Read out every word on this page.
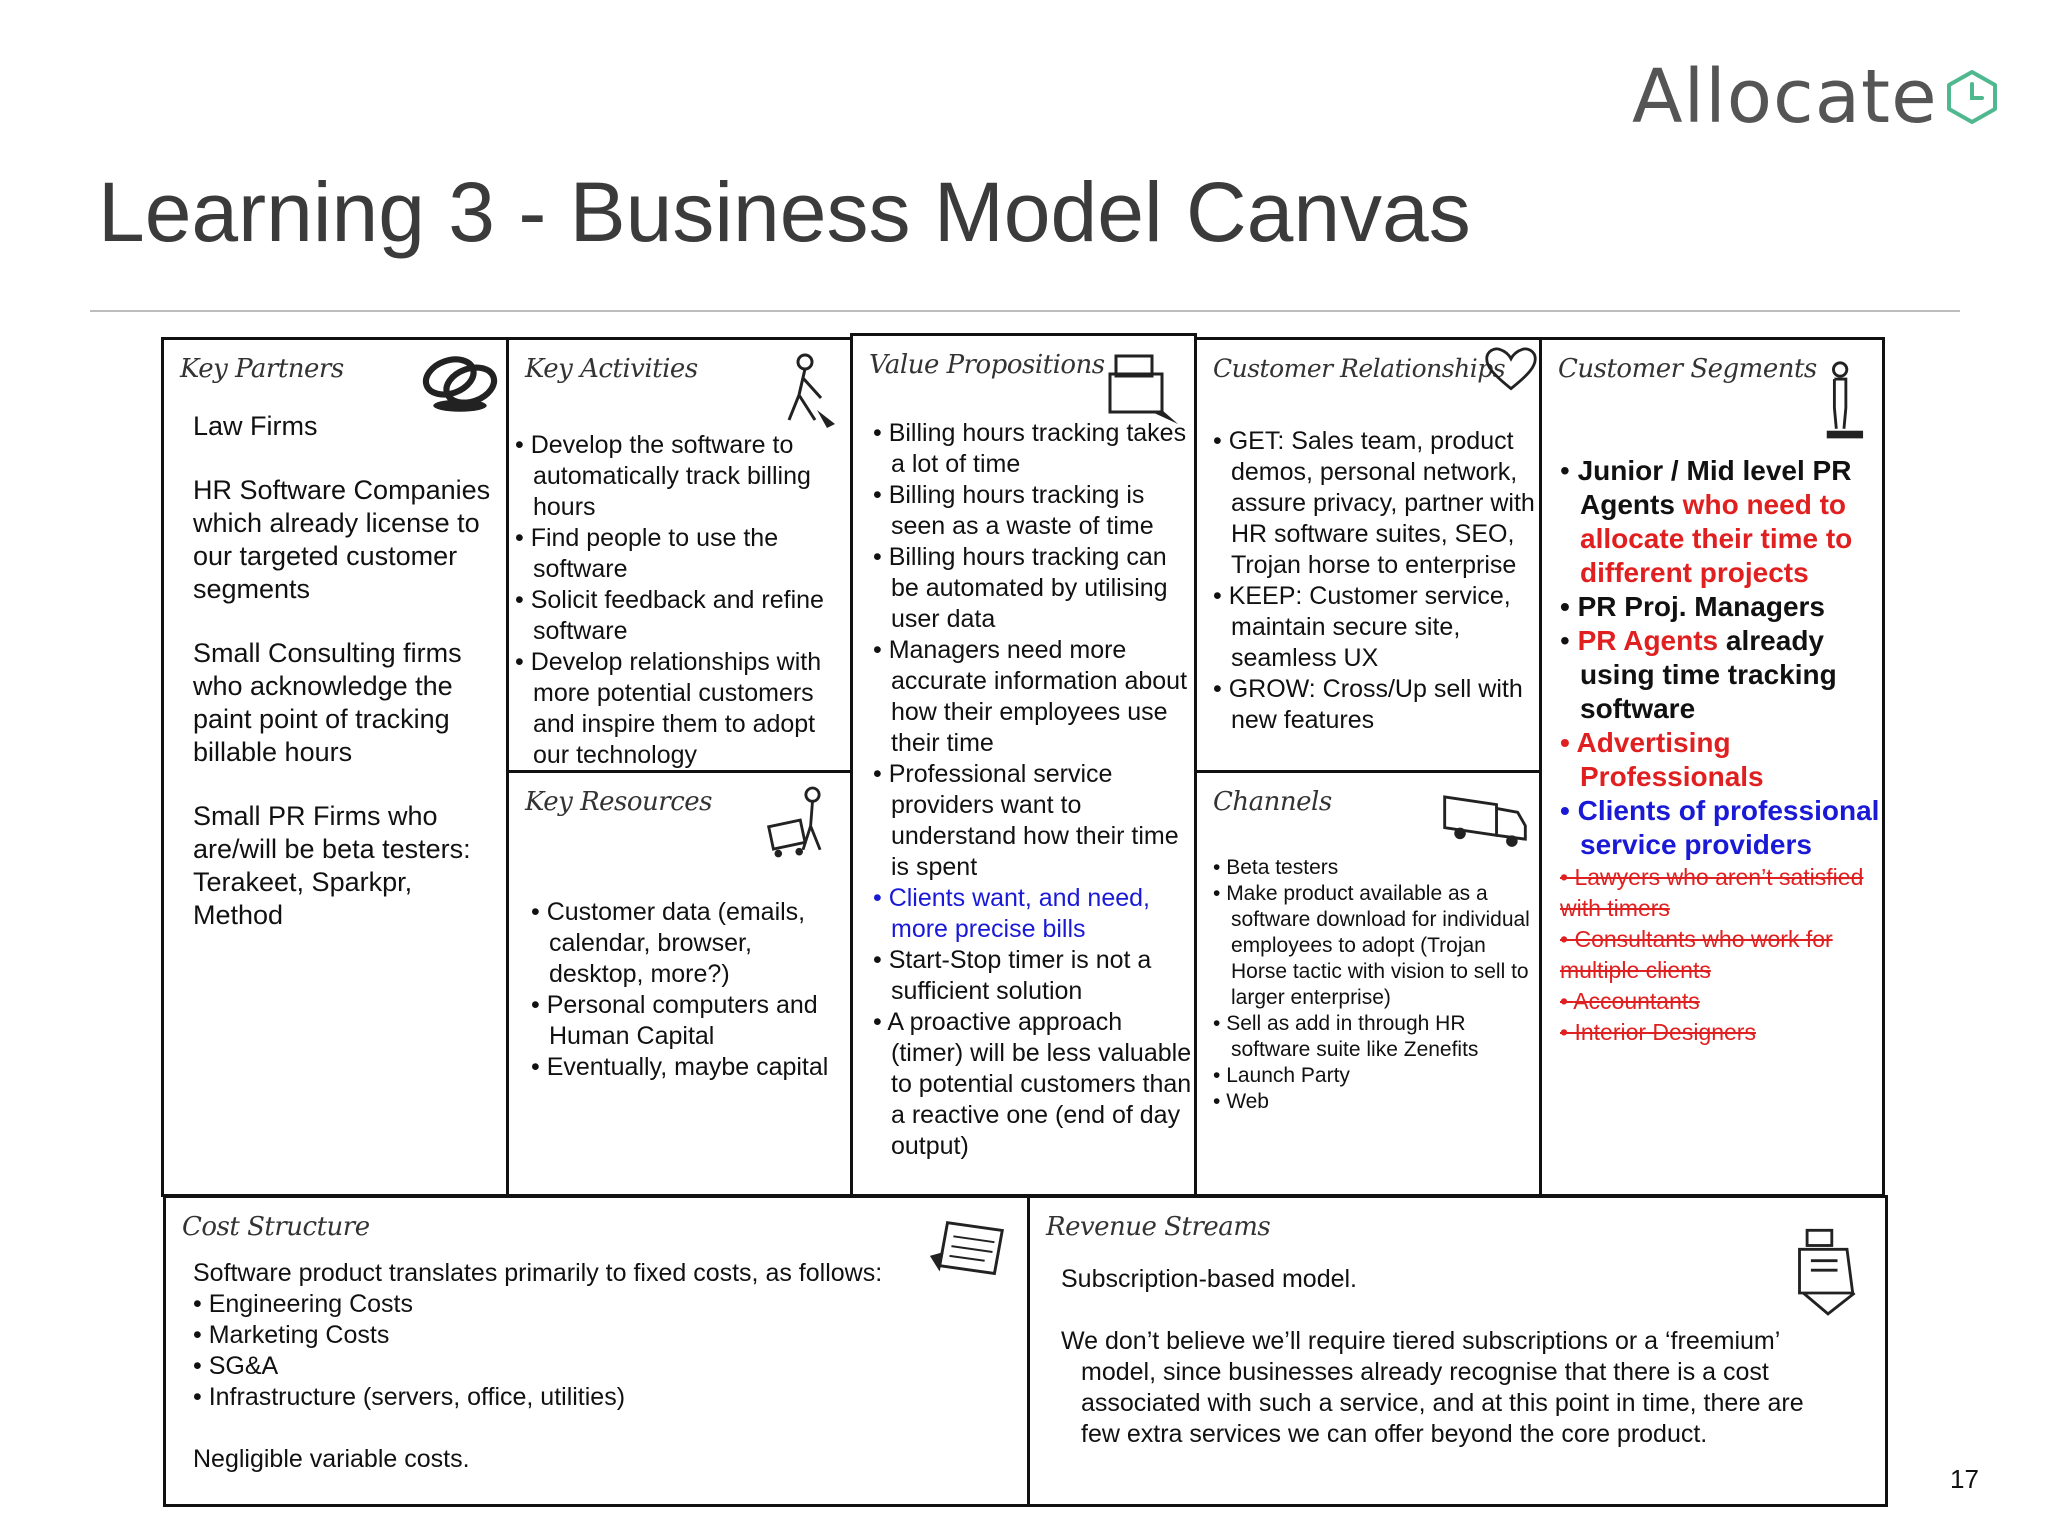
Allocate
Learning 3 - Business Model Canvas
Key Partners

Law Firms

HR Software Companies which already license to our targeted customer segments

Small Consulting firms who acknowledge the paint point of tracking billable hours

Small PR Firms who are/will be beta testers: Terakeet, Sparkpr, Method

Key Activities

• Develop the software to automatically track billing hours

• Find people to use the software

• Solicit feedback and refine software

• Develop relationships with more potential customers and inspire them to adopt our technology

Key Resources

• Customer data (emails, calendar, browser, desktop, more?)

• Personal computers and Human Capital

• Eventually, maybe capital

Value Propositions

• Billing hours tracking takes a lot of time

• Billing hours tracking is seen as a waste of time

• Billing hours tracking can be automated by utilising user data

• Managers need more accurate information about how their employees use their time

• Professional service providers want to understand how their time is spent

• Clients want, and need, more precise bills

• Start-Stop timer is not a sufficient solution

• A proactive approach (timer) will be less valuable to potential customers than a reactive one (end of day output)

Customer Relationships

• GET: Sales team, product demos, personal network, assure privacy, partner with HR software suites, SEO, Trojan horse to enterprise

• KEEP: Customer service, maintain secure site, seamless UX

• GROW: Cross/Up sell with new features

Channels

• Beta testers

• Make product available as a software download for individual employees to adopt (Trojan Horse tactic with vision to sell to larger enterprise)

• Sell as add in through HR software suite like Zenefits

• Launch Party

• Web

Customer Segments

• Junior / Mid level PR Agents who need to allocate their time to different projects

• PR Proj. Managers

• PR Agents already using time tracking software

• Advertising Professionals

• Clients of professional service providers

• Lawyers who aren’t satisfied with timers

• Consultants who work for multiple clients

• Accountants

• Interior Designers

Cost Structure

Software product translates primarily to fixed costs, as follows:

• Engineering Costs

• Marketing Costs

• SG&A

• Infrastructure (servers, office, utilities)

Negligible variable costs.

Revenue Streams

Subscription-based model.

We don’t believe we’ll require tiered subscriptions or a ‘freemium’ model, since businesses already recognise that there is a cost associated with such a service, and at this point in time, there are few extra services we can offer beyond the core product.

17
